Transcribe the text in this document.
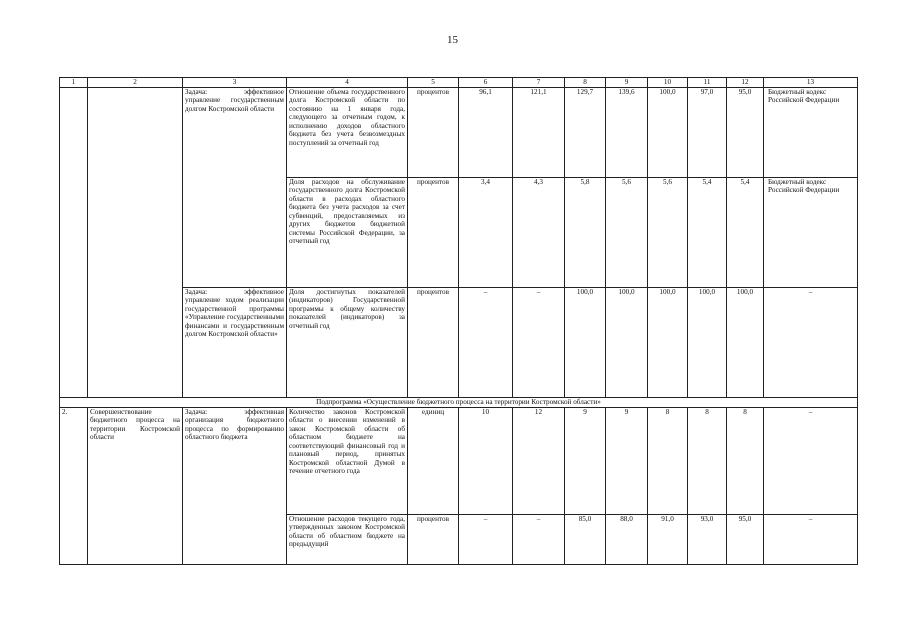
15
1	2	3	4	5	6	7	8	9	10	11	12	13
		Задача: эффективное управление государственным долгом Костромской области	Отношение объема государственного долга Костромской области по состоянию на 1 января года, следующего за отчетным годом, к исполнению доходов областного бюджета без учета безвозмездных поступлений за отчетный год	процентов	96,1	121,1	129,7	139,6	100,0	97,0	95,0	Бюджетный кодекс Российской Федерации
			Доля расходов на обслуживание государственного долга Костромской области в расходах областного бюджета без учета расходов за счет субвенций, предоставляемых из других бюджетов бюджетной системы Российской Федерации, за отчетный год	процентов	3,4	4,3	5,8	5,6	5,6	5,4	5,4	Бюджетный кодекс Российской Федерации
		Задача: эффективное управление ходом реализации государственной программы «Управление государственными финансами и государственным долгом Костромской области»	Доля достигнутых показателей (индикаторов) Государственной программы к общему количеству показателей (индикаторов) за отчетный год	процентов	–	–	100,0	100,0	100,0	100,0	100,0	–
Подпрограмма «Осуществление бюджетного процесса на территории Костромской области»												
2.	Совершенствование бюджетного процесса на территории Костромской области	Задача: эффективная организация бюджетного процесса по формированию областного бюджета	Количество законов Костромской области о внесении изменений в закон Костромской области об областном бюджете на соответствующий финансовый год и плановый период, принятых Костромской областной Думой в течение отчетного года	единиц	10	12	9	9	8	8	8	–
			Отношение расходов текущего года, утвержденных законом Костромской области об областном бюджете на предыдущий	процентов	–	–	85,0	88,0	91,0	93,0	95,0	–
